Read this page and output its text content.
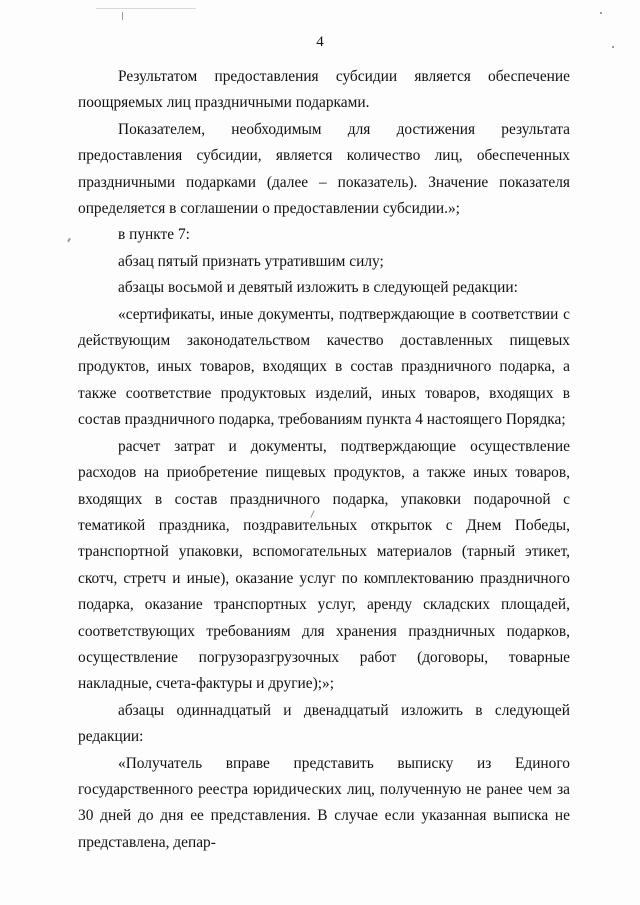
4

Результатом предоставления субсидии является обеспечение поощряемых лиц праздничными подарками.

Показателем, необходимым для достижения результата предоставления субсидии, является количество лиц, обеспеченных праздничными подарками (далее – показатель). Значение показателя определяется в соглашении о предоставлении субсидии.»;

в пункте 7:

абзац пятый признать утратившим силу;

абзацы восьмой и девятый изложить в следующей редакции:

«сертификаты, иные документы, подтверждающие в соответствии с действующим законодательством качество доставленных пищевых продуктов, иных товаров, входящих в состав праздничного подарка, а также соответствие продуктовых изделий, иных товаров, входящих в состав праздничного подарка, требованиям пункта 4 настоящего Порядка;

расчет затрат и документы, подтверждающие осуществление расходов на приобретение пищевых продуктов, а также иных товаров, входящих в состав праздничного подарка, упаковки подарочной с тематикой праздника, поздравительных открыток с Днем Победы, транспортной упаковки, вспомогательных материалов (тарный этикет, скотч, стретч и иные), оказание услуг по комплектованию праздничного подарка, оказание транспортных услуг, аренду складских площадей, соответствующих требованиям для хранения праздничных подарков, осуществление погрузоразгрузочных работ (договоры, товарные накладные, счета-фактуры и другие);»;

абзацы одиннадцатый и двенадцатый изложить в следующей редакции:

«Получатель вправе представить выписку из Единого государственного реестра юридических лиц, полученную не ранее чем за 30 дней до дня ее представления. В случае если указанная выписка не представлена, депар-
